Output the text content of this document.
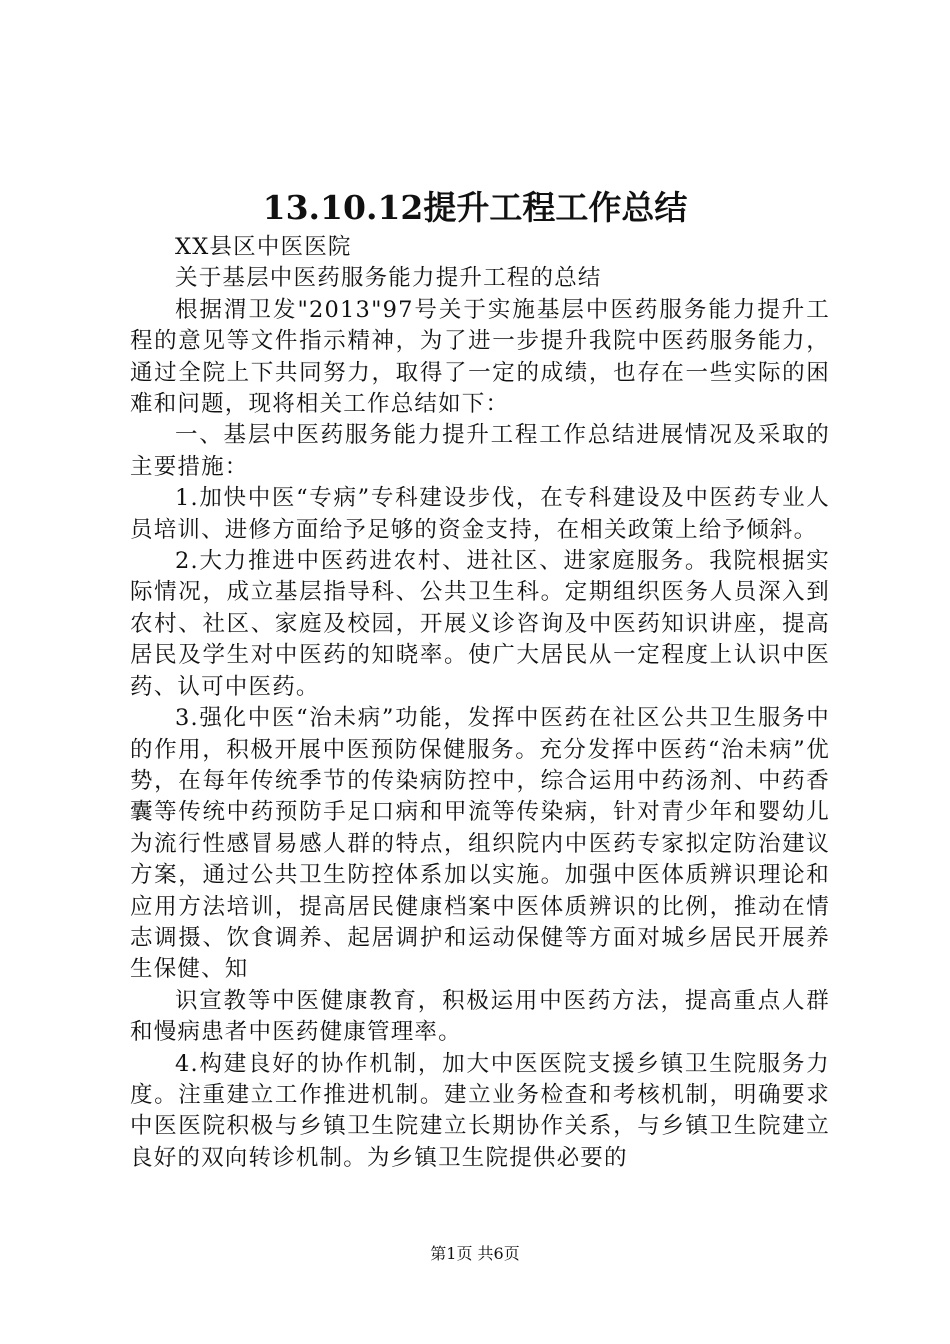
13.10.12提升工程工作总结

XX县区中医医院

关于基层中医药服务能力提升工程的总结

根据渭卫发"2013"97号关于实施基层中医药服务能力提升工程的意见等文件指示精神，为了进一步提升我院中医药服务能力，通过全院上下共同努力，取得了一定的成绩，也存在一些实际的困难和问题，现将相关工作总结如下：

一、基层中医药服务能力提升工程工作总结进展情况及采取的主要措施：

1.加快中医“专病”专科建设步伐，在专科建设及中医药专业人员培训、进修方面给予足够的资金支持，在相关政策上给予倾斜。

2.大力推进中医药进农村、进社区、进家庭服务。我院根据实际情况，成立基层指导科、公共卫生科。定期组织医务人员深入到农村、社区、家庭及校园，开展义诊咨询及中医药知识讲座，提高居民及学生对中医药的知晓率。使广大居民从一定程度上认识中医药、认可中医药。

3.强化中医“治未病”功能，发挥中医药在社区公共卫生服务中的作用，积极开展中医预防保健服务。充分发挥中医药“治未病”优势，在每年传统季节的传染病防控中，综合运用中药汤剂、中药香囊等传统中药预防手足口病和甲流等传染病，针对青少年和婴幼儿为流行性感冒易感人群的特点，组织院内中医药专家拟定防治建议方案，通过公共卫生防控体系加以实施。加强中医体质辨识理论和应用方法培训，提高居民健康档案中医体质辨识的比例，推动在情志调摄、饮食调养、起居调护和运动保健等方面对城乡居民开展养生保健、知

识宣教等中医健康教育，积极运用中医药方法，提高重点人群和慢病患者中医药健康管理率。

4.构建良好的协作机制，加大中医医院支援乡镇卫生院服务力度。注重建立工作推进机制。建立业务检查和考核机制，明确要求中医医院积极与乡镇卫生院建立长期协作关系，与乡镇卫生院建立良好的双向转诊机制。为乡镇卫生院提供必要的

第1页 共6页
